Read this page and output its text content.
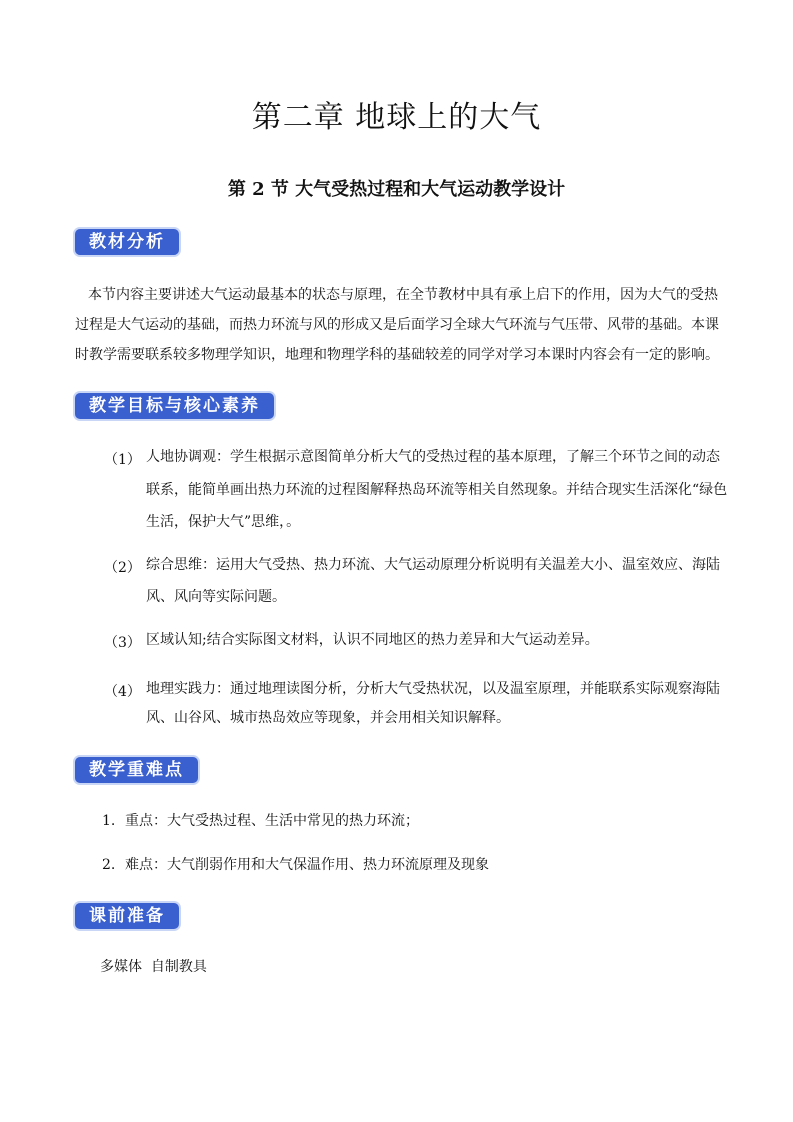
第二章 地球上的大气
第 2 节 大气受热过程和大气运动教学设计
教材分析
本节内容主要讲述大气运动最基本的状态与原理，在全节教材中具有承上启下的作用，因为大气的受热
过程是大气运动的基础，而热力环流与风的形成又是后面学习全球大气环流与气压带、风带的基础。本课
时教学需要联系较多物理学知识，地理和物理学科的基础较差的同学对学习本课时内容会有一定的影响。
教学目标与核心素养
（1） 人地协调观：学生根据示意图简单分析大气的受热过程的基本原理，了解三个环节之间的动态
联系，能简单画出热力环流的过程图解释热岛环流等相关自然现象。并结合现实生活深化“绿色
生活，保护大气”思维，。
（2） 综合思维：运用大气受热、热力环流、大气运动原理分析说明有关温差大小、温室效应、海陆
风、风向等实际问题。
（3） 区域认知;结合实际图文材料，认识不同地区的热力差异和大气运动差异。
（4） 地理实践力：通过地理读图分析，分析大气受热状况，以及温室原理，并能联系实际观察海陆
风、山谷风、城市热岛效应等现象，并会用相关知识解释。
教学重难点
1. 重点：大气受热过程、生活中常见的热力环流；
2. 难点：大气削弱作用和大气保温作用、热力环流原理及现象
课前准备
多媒体  自制教具
